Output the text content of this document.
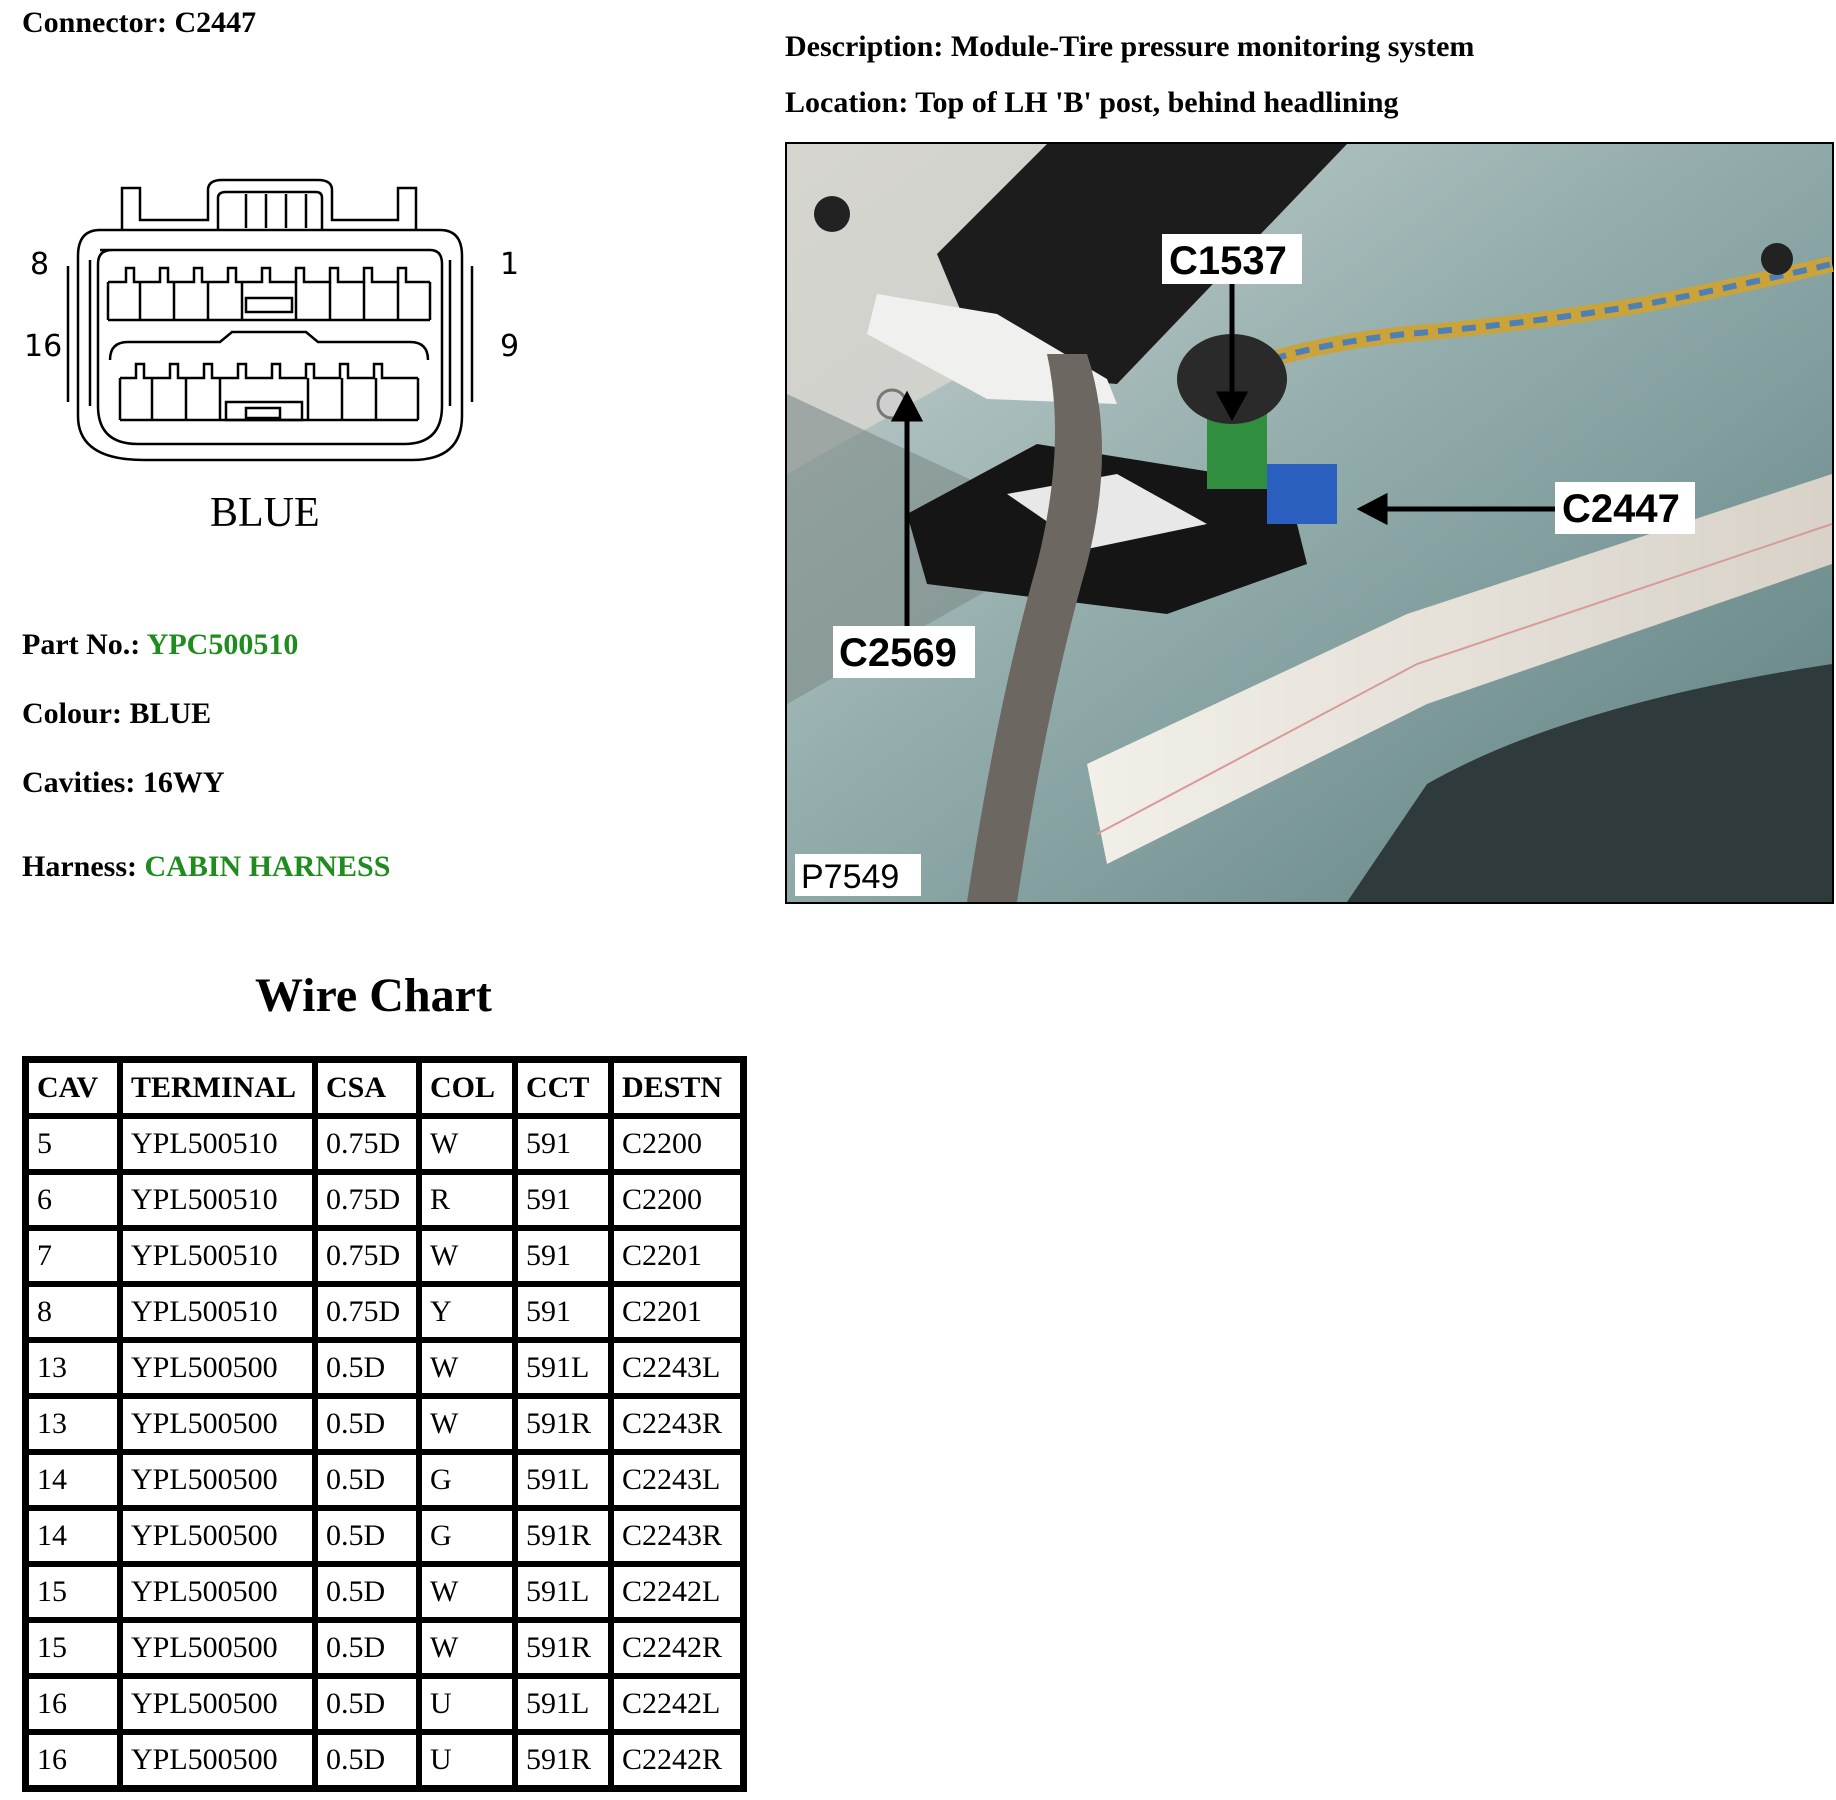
Connector: C2447
Description: Module-Tire pressure monitoring system
Location: Top of LH 'B' post, behind headlining
8	1
16	9
BLUE
Part No.: YPC500510
Colour: BLUE
Cavities: 16WY
Harness: CABIN HARNESS
Wire Chart
CAV	TERMINAL	CSA	COL	CCT	DESTN
5	YPL500510	0.75D	W	591	C2200
6	YPL500510	0.75D	R	591	C2200
7	YPL500510	0.75D	W	591	C2201
8	YPL500510	0.75D	Y	591	C2201
13	YPL500500	0.5D	W	591L	C2243L
13	YPL500500	0.5D	W	591R	C2243R
14	YPL500500	0.5D	G	591L	C2243L
14	YPL500500	0.5D	G	591R	C2243R
15	YPL500500	0.5D	W	591L	C2242L
15	YPL500500	0.5D	W	591R	C2242R
16	YPL500500	0.5D	U	591L	C2242L
16	YPL500500	0.5D	U	591R	C2242R
C1537
C2447
C2569
P7549
